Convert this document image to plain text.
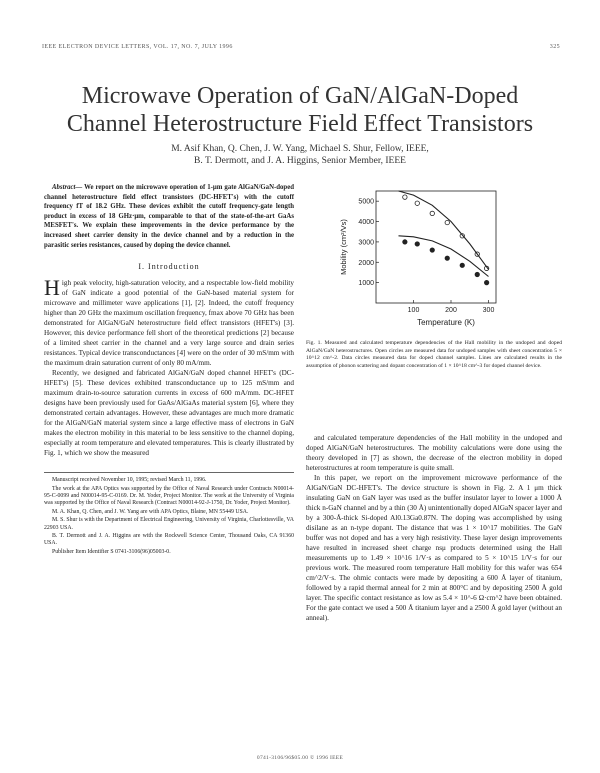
IEEE ELECTRON DEVICE LETTERS, VOL. 17, NO. 7, JULY 1996	325
Microwave Operation of GaN/AlGaN-Doped Channel Heterostructure Field Effect Transistors
M. Asif Khan, Q. Chen, J. W. Yang, Michael S. Shur, Fellow, IEEE,
B. T. Dermott, and J. A. Higgins, Senior Member, IEEE
Abstract— We report on the microwave operation of 1-μm gate AlGaN/GaN-doped channel heterostructure field effect transistors (DC-HFET's) with the cutoff frequency fT of 18.2 GHz. These devices exhibit the cutoff frequency-gate length product in excess of 18 GHz·μm, comparable to that of the state-of-the-art GaAs MESFET's. We explain these improvements in the device performance by the increased sheet carrier density in the device channel and by a reduction in the parasitic series resistances, caused by doping the device channel.
I. Introduction

High peak velocity, high-saturation velocity, and a respectable low-field mobility of GaN indicate a good potential of the GaN-based material system for microwave and millimeter wave applications [1], [2]. Indeed, the cutoff frequency higher than 20 GHz the maximum oscillation frequency, fmax above 70 GHz has been demonstrated for AlGaN/GaN heterostructure field effect transistors (HFET's) [3]. However, this device performance fell short of the theoretical predictions [2] because of a limited sheet carrier in the channel and a very large source and drain series resistances. Typical device transconductances [4] were on the order of 30 mS/mm with the maximum drain saturation current of only 80 mA/mm.

Recently, we designed and fabricated AlGaN/GaN doped channel HFET's (DC-HFET's) [5]. These devices exhibited transconductance up to 125 mS/mm and maximum drain-to-source saturation currents in excess of 600 mA/mm. DC-HFET designs have been previously used for GaAs/AlGaAs material system [6], where they demonstrated certain advantages. However, these advantages are much more dramatic for the AlGaN/GaN material system since a large effective mass of electrons in GaN makes the electron mobility in this material to be less sensitive to the channel doping, especially at room temperature and elevated temperatures. This is clearly illustrated by Fig. 1, which we show the measured

Manuscript received November 10, 1995; revised March 11, 1996.

The work at the APA Optics was supported by the Office of Naval Research under Contracts N00014-95-C-0099 and N00014-95-C-0169. Dr. M. Yoder, Project Monitor. The work at the University of Virginia was supported by the Office of Naval Research (Contract N00014-92-J-1750, Dr. Yoder, Project Monitor).

M. A. Khan, Q. Chen, and J. W. Yang are with APA Optics, Blaine, MN 55449 USA.

M. S. Shur is with the Department of Electrical Engineering, University of Virginia, Charlottesville, VA 22903 USA.

B. T. Dermott and J. A. Higgins are with the Rockwell Science Center, Thousand Oaks, CA 91360 USA.

Publisher Item Identifier S 0741-3106(96)05003-0.

100	200	300
1000
2000
3000
4000
5000
Temperature (K)
Mobility (cm²/Vs)
Fig. 1. Measured and calculated temperature dependencies of the Hall mobility in the undoped and doped AlGaN/GaN heterostructures. Open circles are measured data for undoped samples with sheet concentration 5 × 10^12 cm^-2. Data circles measured data for doped channel samples. Lines are calculated results in the assumption of phonon scattering and dopant concentration of 1 × 10^18 cm^-3 for doped channel device.

and calculated temperature dependencies of the Hall mobility in the undoped and doped AlGaN/GaN heterostructures. The mobility calculations were done using the theory developed in [7] as shown, the decrease of the electron mobility in doped heterostructures at room temperature is quite small.

In this paper, we report on the improvement microwave performance of the AlGaN/GaN DC-HFET's. The device structure is shown in Fig. 2. A 1 μm thick insulating GaN on GaN layer was used as the buffer insulator layer to lower a 1000 Å thick n-GaN channel and by a thin (30 Å) unintentionally doped AlGaN spacer layer and by a 300-Å-thick Si-doped Al0.13Ga0.87N. The doping was accomplished by using disilane as an n-type dopant. The distance that was 1 × 10^17 mobilities. The GaN buffer was not doped and has a very high resistivity. These layer design improvements have resulted in increased sheet charge nsμ products determined using the Hall measurements up to 1.49 × 10^16 1/V·s as compared to 5 × 10^15 1/V·s for our previous work. The measured room temperature Hall mobility for this wafer was 654 cm^2/V·s. The ohmic contacts were made by depositing a 600 Å layer of titanium, followed by a rapid thermal anneal for 2 min at 800°C and by depositing 2500 Å gold layer. The specific contact resistance as low as 5.4 × 10^-6 Ω·cm^2 have been obtained. For the gate contact we used a 500 Å titanium layer and a 2500 Å gold layer (without an anneal).

0741-3106/96$05.00 © 1996 IEEE
